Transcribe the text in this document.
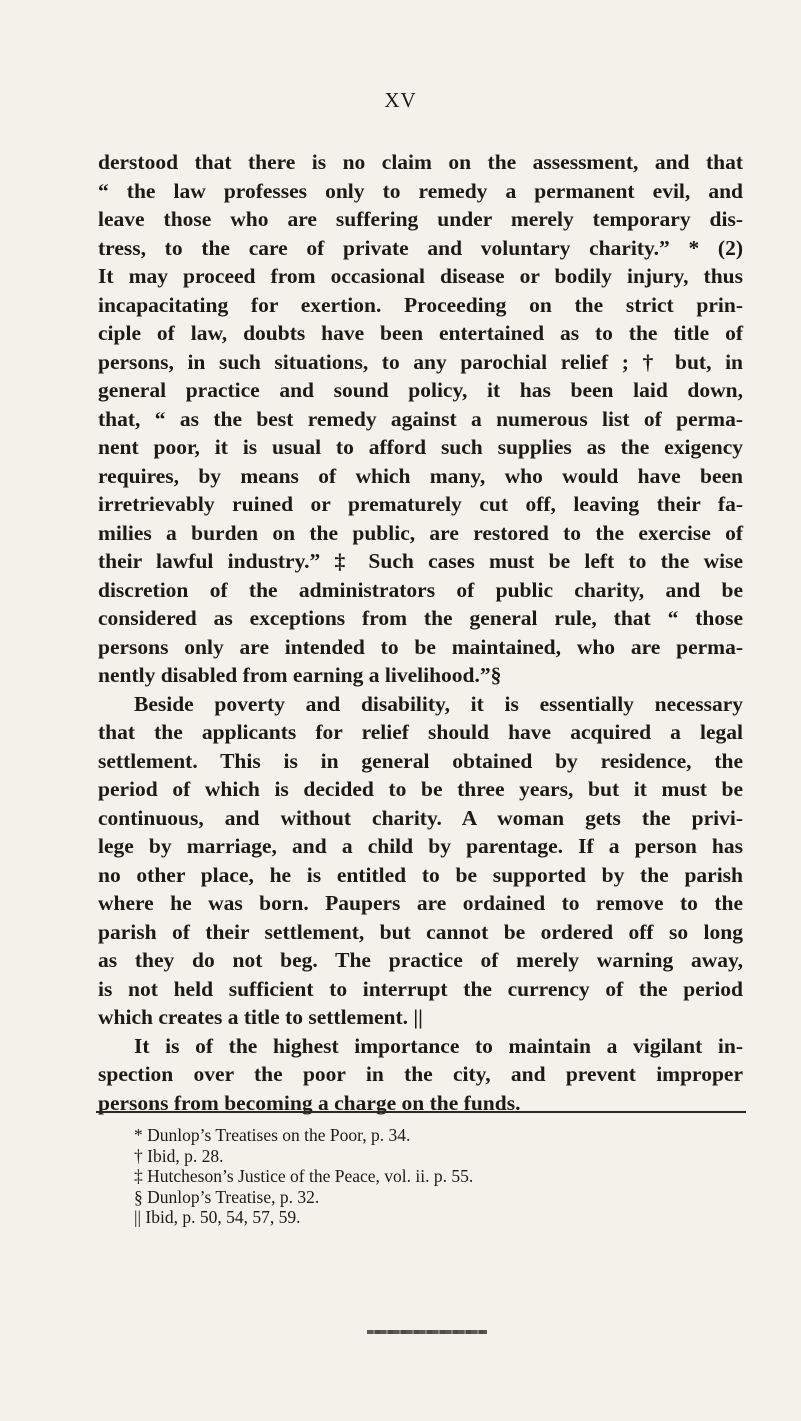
XV
derstood that there is no claim on the assessment, and that
“ the law professes only to remedy a permanent evil, and
leave those who are suffering under merely temporary dis-
tress, to the care of private and voluntary charity.” * (2)
It may proceed from occasional disease or bodily injury, thus
incapacitating for exertion. Proceeding on the strict prin-
ciple of law, doubts have been entertained as to the title of
persons, in such situations, to any parochial relief ; † but, in
general practice and sound policy, it has been laid down,
that, “ as the best remedy against a numerous list of perma-
nent poor, it is usual to afford such supplies as the exigency
requires, by means of which many, who would have been
irretrievably ruined or prematurely cut off, leaving their fa-
milies a burden on the public, are restored to the exercise of
their lawful industry.” ‡ Such cases must be left to the wise
discretion of the administrators of public charity, and be
considered as exceptions from the general rule, that “ those
persons only are intended to be maintained, who are perma-
nently disabled from earning a livelihood.”§
Beside poverty and disability, it is essentially necessary
that the applicants for relief should have acquired a legal
settlement. This is in general obtained by residence, the
period of which is decided to be three years, but it must be
continuous, and without charity. A woman gets the privi-
lege by marriage, and a child by parentage. If a person has
no other place, he is entitled to be supported by the parish
where he was born. Paupers are ordained to remove to the
parish of their settlement, but cannot be ordered off so long
as they do not beg. The practice of merely warning away,
is not held sufficient to interrupt the currency of the period
which creates a title to settlement. ||
It is of the highest importance to maintain a vigilant in-
spection over the poor in the city, and prevent improper
persons from becoming a charge on the funds.
* Dunlop’s Treatises on the Poor, p. 34.
† Ibid, p. 28.
‡ Hutcheson’s Justice of the Peace, vol. ii. p. 55.
§ Dunlop’s Treatise, p. 32.
|| Ibid, p. 50, 54, 57, 59.
